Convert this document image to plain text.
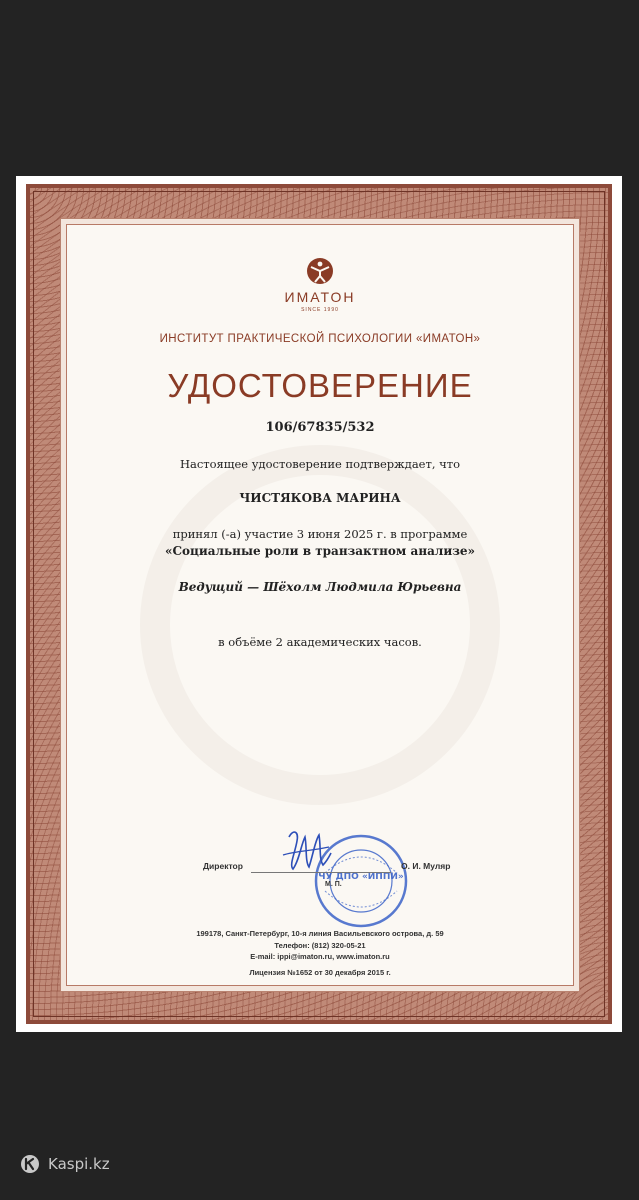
ИМАТОН
SINCE 1990
ИНСТИТУТ ПРАКТИЧЕСКОЙ ПСИХОЛОГИИ «ИМАТОН»
УДОСТОВЕРЕНИЕ
106/67835/532
Настоящее удостоверение подтверждает, что
ЧИСТЯКОВА МАРИНА
принял (-а) участие 3 июня 2025 г. в программе
«Социальные роли в транзактном анализе»
Ведущий — Шёхолм Людмила Юрьевна
в объёме 2 академических часов.
ЧУ ДПО «ИППИ»
Директор	О. И. Муляр
М. П.
199178, Санкт-Петербург, 10-я линия Васильевского острова, д. 59
Телефон: (812) 320-05-21
E-mail: ippi@imaton.ru, www.imaton.ru
Лицензия №1652 от 30 декабря 2015 г.
Kaspi.kz
